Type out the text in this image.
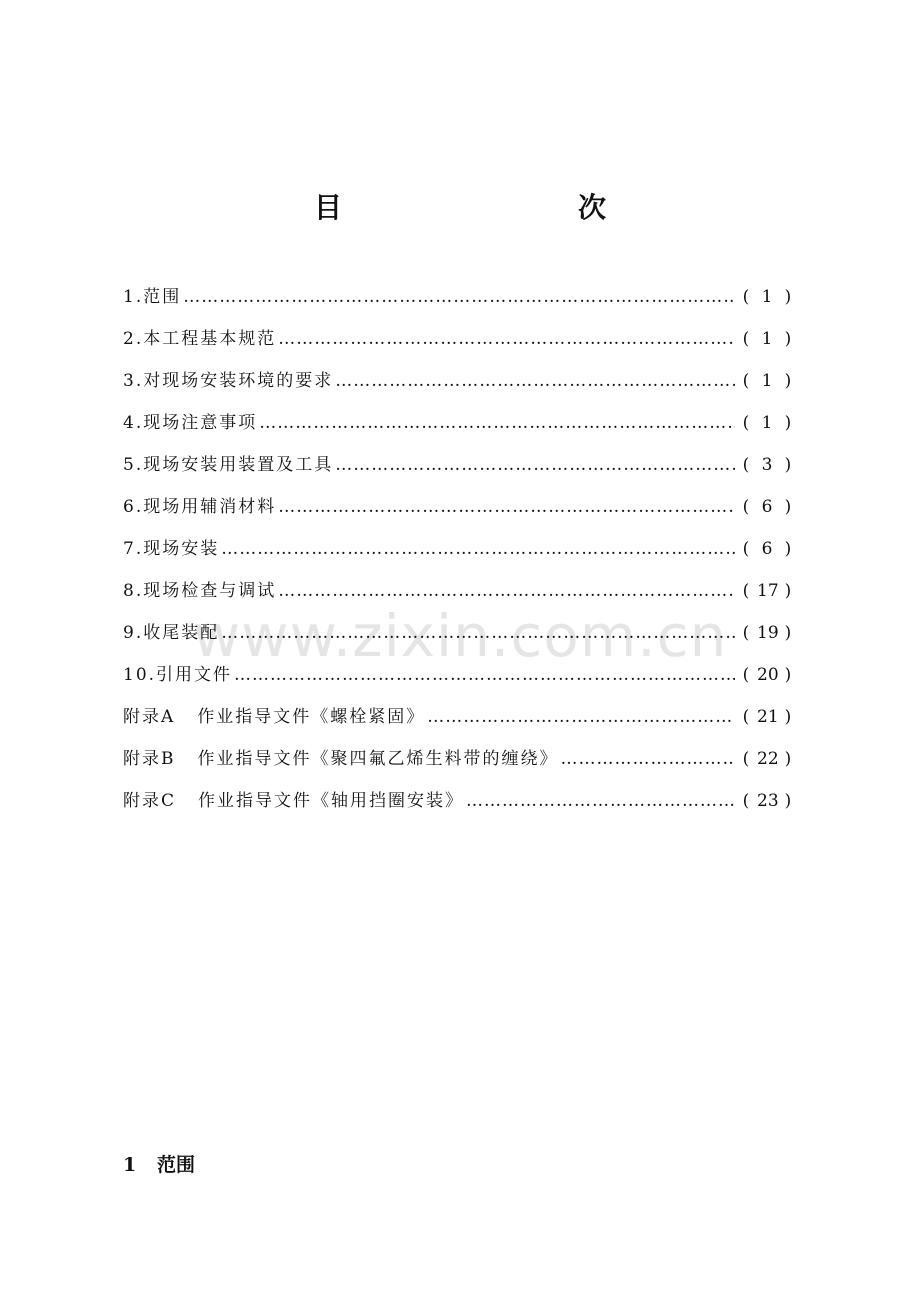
目　　次
www.zixin.com.cn
1.范围 ……………………………………………………………………………………………………………………………………………………	( 1 )
2.本工程基本规范 ……………………………………………………………………………………………………………………………………………………	( 1 )
3.对现场安装环境的要求 ……………………………………………………………………………………………………………………………………………………	( 1 )
4.现场注意事项 ……………………………………………………………………………………………………………………………………………………	( 1 )
5.现场安装用装置及工具 ……………………………………………………………………………………………………………………………………………………	( 3 )
6.现场用辅消材料 ……………………………………………………………………………………………………………………………………………………	( 6 )
7.现场安装 ……………………………………………………………………………………………………………………………………………………	( 6 )
8.现场检查与调试 ……………………………………………………………………………………………………………………………………………………	( 17 )
9.收尾装配 ……………………………………………………………………………………………………………………………………………………	( 19 )
10.引用文件 ……………………………………………………………………………………………………………………………………………………	( 20 )
附录A 作业指导文件《螺栓紧固》 ……………………………………………………………………………………………………………………………………………………	( 21 )
附录B 作业指导文件《聚四氟乙烯生料带的缠绕》 ……………………………………………………………………………………………………………………………………………………	( 22 )
附录C 作业指导文件《轴用挡圈安装》 ……………………………………………………………………………………………………………………………………………………	( 23 )
1 范围
